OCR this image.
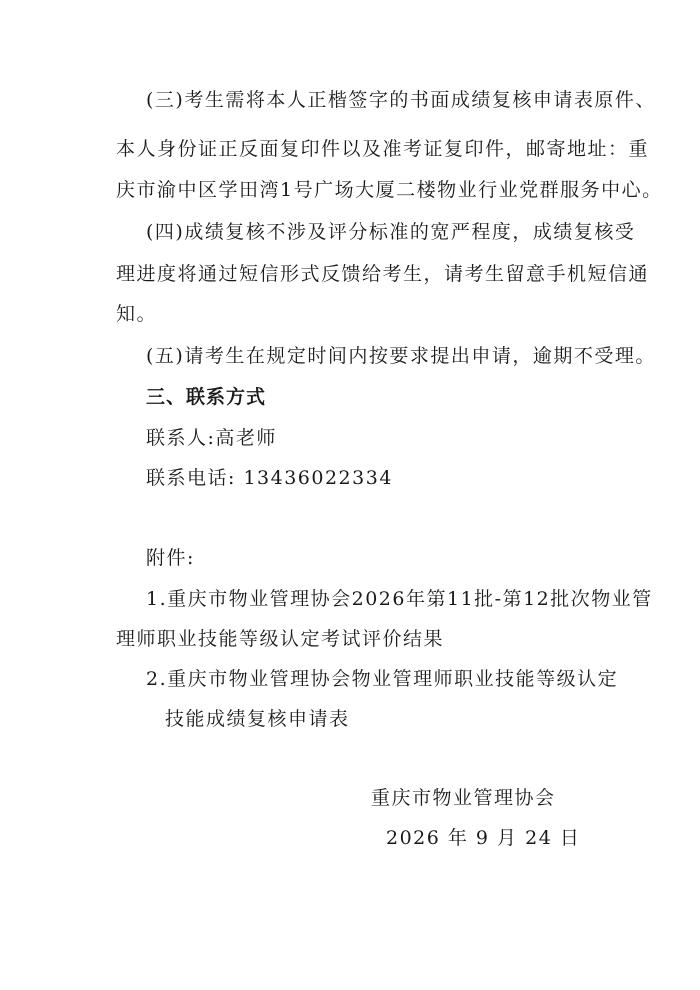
(三)考生需将本人正楷签字的书面成绩复核申请表原件、
本人身份证正反面复印件以及准考证复印件，邮寄地址：重
庆市渝中区学田湾1号广场大厦二楼物业行业党群服务中心。
(四)成绩复核不涉及评分标准的宽严程度，成绩复核受
理进度将通过短信形式反馈给考生，请考生留意手机短信通
知。
(五)请考生在规定时间内按要求提出申请，逾期不受理。
三、联系方式
联系人:高老师
联系电话: 13436022334
附件:
1.重庆市物业管理协会2026年第11批-第12批次物业管
理师职业技能等级认定考试评价结果
2.重庆市物业管理协会物业管理师职业技能等级认定
技能成绩复核申请表
重庆市物业管理协会
2026 年 9 月 24 日
